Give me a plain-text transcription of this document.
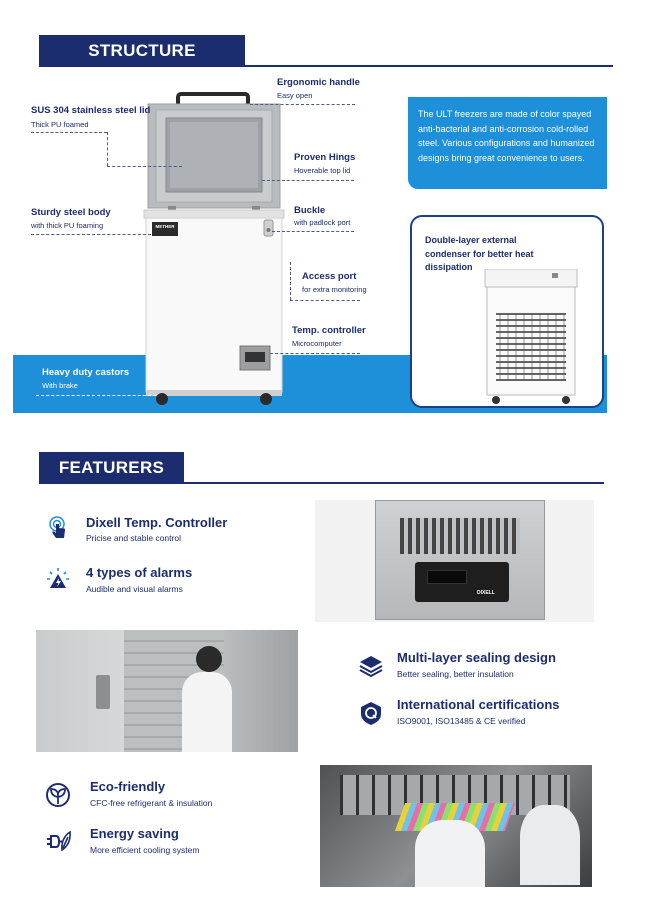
STRUCTURE
The ULT freezers are made of color spayed anti-bacterial and anti-corrosion cold-rolled steel. Various configurations and humanized designs bring great convenience to users.
Double-layer external condenser for better heat dissipation
METHER
Ergonomic handle
Easy open
SUS 304 stainless steel lid
Thick PU foamed
Proven Hings
Hoverable top lid
Sturdy steel body
with thick PU foaming
Buckle
with padlock port
Access port
for extra monitoring
Temp. controller
Microcomputer
Heavy duty castors
With brake
FEATURERS
Dixell Temp. Controller
Pricise and stable control
4 types of alarms
Audible and visual alarms	DIXELL
Multi-layer sealing design
Better sealing, better insulation
International certifications
ISO9001, ISO13485 & CE verified
Eco-friendly
CFC-free refrigerant & insulation
Energy saving
More efficient cooling system
